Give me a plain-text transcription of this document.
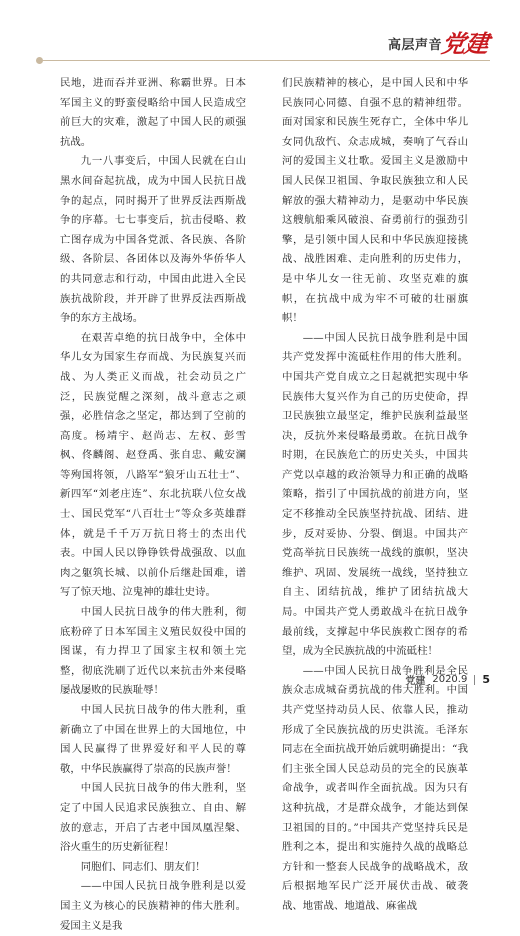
高层声音
党建

民地，进而吞并亚洲、称霸世界。日本军国主义的野蛮侵略给中国人民造成空前巨大的灾难，激起了中国人民的顽强抗战。

九一八事变后，中国人民就在白山黑水间奋起抗战，成为中国人民抗日战争的起点，同时揭开了世界反法西斯战争的序幕。七七事变后，抗击侵略、救亡图存成为中国各党派、各民族、各阶级、各阶层、各团体以及海外华侨华人的共同意志和行动，中国由此进入全民族抗战阶段，并开辟了世界反法西斯战争的东方主战场。

在艰苦卓绝的抗日战争中，全体中华儿女为国家生存而战、为民族复兴而战、为人类正义而战，社会动员之广泛，民族觉醒之深刻，战斗意志之顽强，必胜信念之坚定，都达到了空前的高度。杨靖宇、赵尚志、左权、彭雪枫、佟麟阁、赵登禹、张自忠、戴安澜等殉国将领，八路军“狼牙山五壮士”、新四军“刘老庄连”、东北抗联八位女战士、国民党军“八百壮士”等众多英雄群体，就是千千万万抗日将士的杰出代表。中国人民以铮铮铁骨战强敌、以血肉之躯筑长城、以前仆后继赴国难，谱写了惊天地、泣鬼神的雄壮史诗。

中国人民抗日战争的伟大胜利，彻底粉碎了日本军国主义殖民奴役中国的图谋，有力捍卫了国家主权和领土完整，彻底洗刷了近代以来抗击外来侵略屡战屡败的民族耻辱！

中国人民抗日战争的伟大胜利，重新确立了中国在世界上的大国地位，中国人民赢得了世界爱好和平人民的尊敬，中华民族赢得了崇高的民族声誉！

中国人民抗日战争的伟大胜利，坚定了中国人民追求民族独立、自由、解放的意志，开启了古老中国凤凰涅槃、浴火重生的历史新征程！

同胞们、同志们、朋友们！

——中国人民抗日战争胜利是以爱国主义为核心的民族精神的伟大胜利。爱国主义是我

们民族精神的核心，是中国人民和中华民族同心同德、自强不息的精神纽带。面对国家和民族生死存亡，全体中华儿女同仇敌忾、众志成城，奏响了气吞山河的爱国主义壮歌。爱国主义是激励中国人民保卫祖国、争取民族独立和人民解放的强大精神动力，是驱动中华民族这艘航船乘风破浪、奋勇前行的强劲引擎，是引领中国人民和中华民族迎接挑战、战胜困难、走向胜利的历史伟力，是中华儿女一往无前、攻坚克难的旗帜，在抗战中成为牢不可破的壮丽旗帜！

——中国人民抗日战争胜利是中国共产党发挥中流砥柱作用的伟大胜利。中国共产党自成立之日起就把实现中华民族伟大复兴作为自己的历史使命，捍卫民族独立最坚定，维护民族利益最坚决，反抗外来侵略最勇敢。在抗日战争时期，在民族危亡的历史关头，中国共产党以卓越的政治领导力和正确的战略策略，指引了中国抗战的前进方向，坚定不移推动全民族坚持抗战、团结、进步，反对妥协、分裂、倒退。中国共产党高举抗日民族统一战线的旗帜，坚决维护、巩固、发展统一战线，坚持独立自主、团结抗战，维护了团结抗战大局。中国共产党人勇敢战斗在抗日战争最前线，支撑起中华民族救亡图存的希望，成为全民族抗战的中流砥柱！

——中国人民抗日战争胜利是全民族众志成城奋勇抗战的伟大胜利。中国共产党坚持动员人民、依靠人民，推动形成了全民族抗战的历史洪流。毛泽东同志在全面抗战开始后就明确提出：“我们主张全国人民总动员的完全的民族革命战争，或者叫作全面抗战。因为只有这种抗战，才是群众战争，才能达到保卫祖国的目的。”中国共产党坚持兵民是胜利之本，提出和实施持久战的战略总方针和一整套人民战争的战略战术，敌后根据地军民广泛开展伏击战、破袭战、地雷战、地道战、麻雀战

党建 2020.9 5
